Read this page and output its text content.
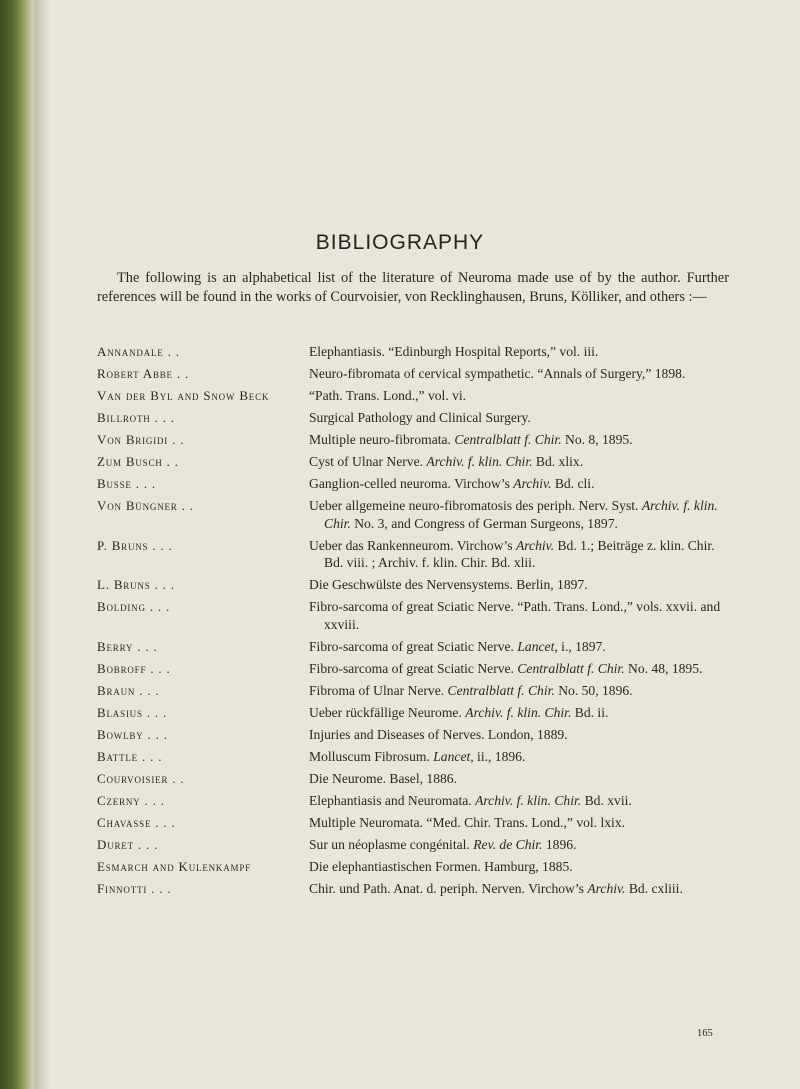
BIBLIOGRAPHY
The following is an alphabetical list of the literature of Neuroma made use of by the author. Further references will be found in the works of Courvoisier, von Recklinghausen, Bruns, Kölliker, and others :—
Annandale . .	Elephantiasis. “Edinburgh Hospital Reports,” vol. iii.
Robert Abbe . .	Neuro-fibromata of cervical sympathetic. “Annals of Surgery,” 1898.
Van der Byl and Snow Beck	“Path. Trans. Lond.,” vol. vi.
Billroth . . .	Surgical Pathology and Clinical Surgery.
Von Brigidi . .	Multiple neuro-fibromata. Centralblatt f. Chir. No. 8, 1895.
Zum Busch . .	Cyst of Ulnar Nerve. Archiv. f. klin. Chir. Bd. xlix.
Busse . . .	Ganglion-celled neuroma. Virchow’s Archiv. Bd. cli.
Von Büngner . .	Ueber allgemeine neuro-fibromatosis des periph. Nerv. Syst. Archiv. f. klin. Chir. No. 3, and Congress of German Surgeons, 1897.
P. Bruns . . .	Ueber das Rankenneurom. Virchow’s Archiv. Bd. 1.; Beiträge z. klin. Chir. Bd. viii. ; Archiv. f. klin. Chir. Bd. xlii.
L. Bruns . . .	Die Geschwülste des Nervensystems. Berlin, 1897.
Bolding . . .	Fibro-sarcoma of great Sciatic Nerve. “Path. Trans. Lond.,” vols. xxvii. and xxviii.
Berry . . .	Fibro-sarcoma of great Sciatic Nerve. Lancet, i., 1897.
Bobroff . . .	Fibro-sarcoma of great Sciatic Nerve. Centralblatt f. Chir. No. 48, 1895.
Braun . . .	Fibroma of Ulnar Nerve. Centralblatt f. Chir. No. 50, 1896.
Blasius . . .	Ueber rückfällige Neurome. Archiv. f. klin. Chir. Bd. ii.
Bowlby . . .	Injuries and Diseases of Nerves. London, 1889.
Battle . . .	Molluscum Fibrosum. Lancet, ii., 1896.
Courvoisier . .	Die Neurome. Basel, 1886.
Czerny . . .	Elephantiasis and Neuromata. Archiv. f. klin. Chir. Bd. xvii.
Chavasse . . .	Multiple Neuromata. “Med. Chir. Trans. Lond.,” vol. lxix.
Duret . . .	Sur un néoplasme congénital. Rev. de Chir. 1896.
Esmarch and Kulenkampf	Die elephantiastischen Formen. Hamburg, 1885.
Finnotti . . .	Chir. und Path. Anat. d. periph. Nerven. Virchow’s Archiv. Bd. cxliii.
165
